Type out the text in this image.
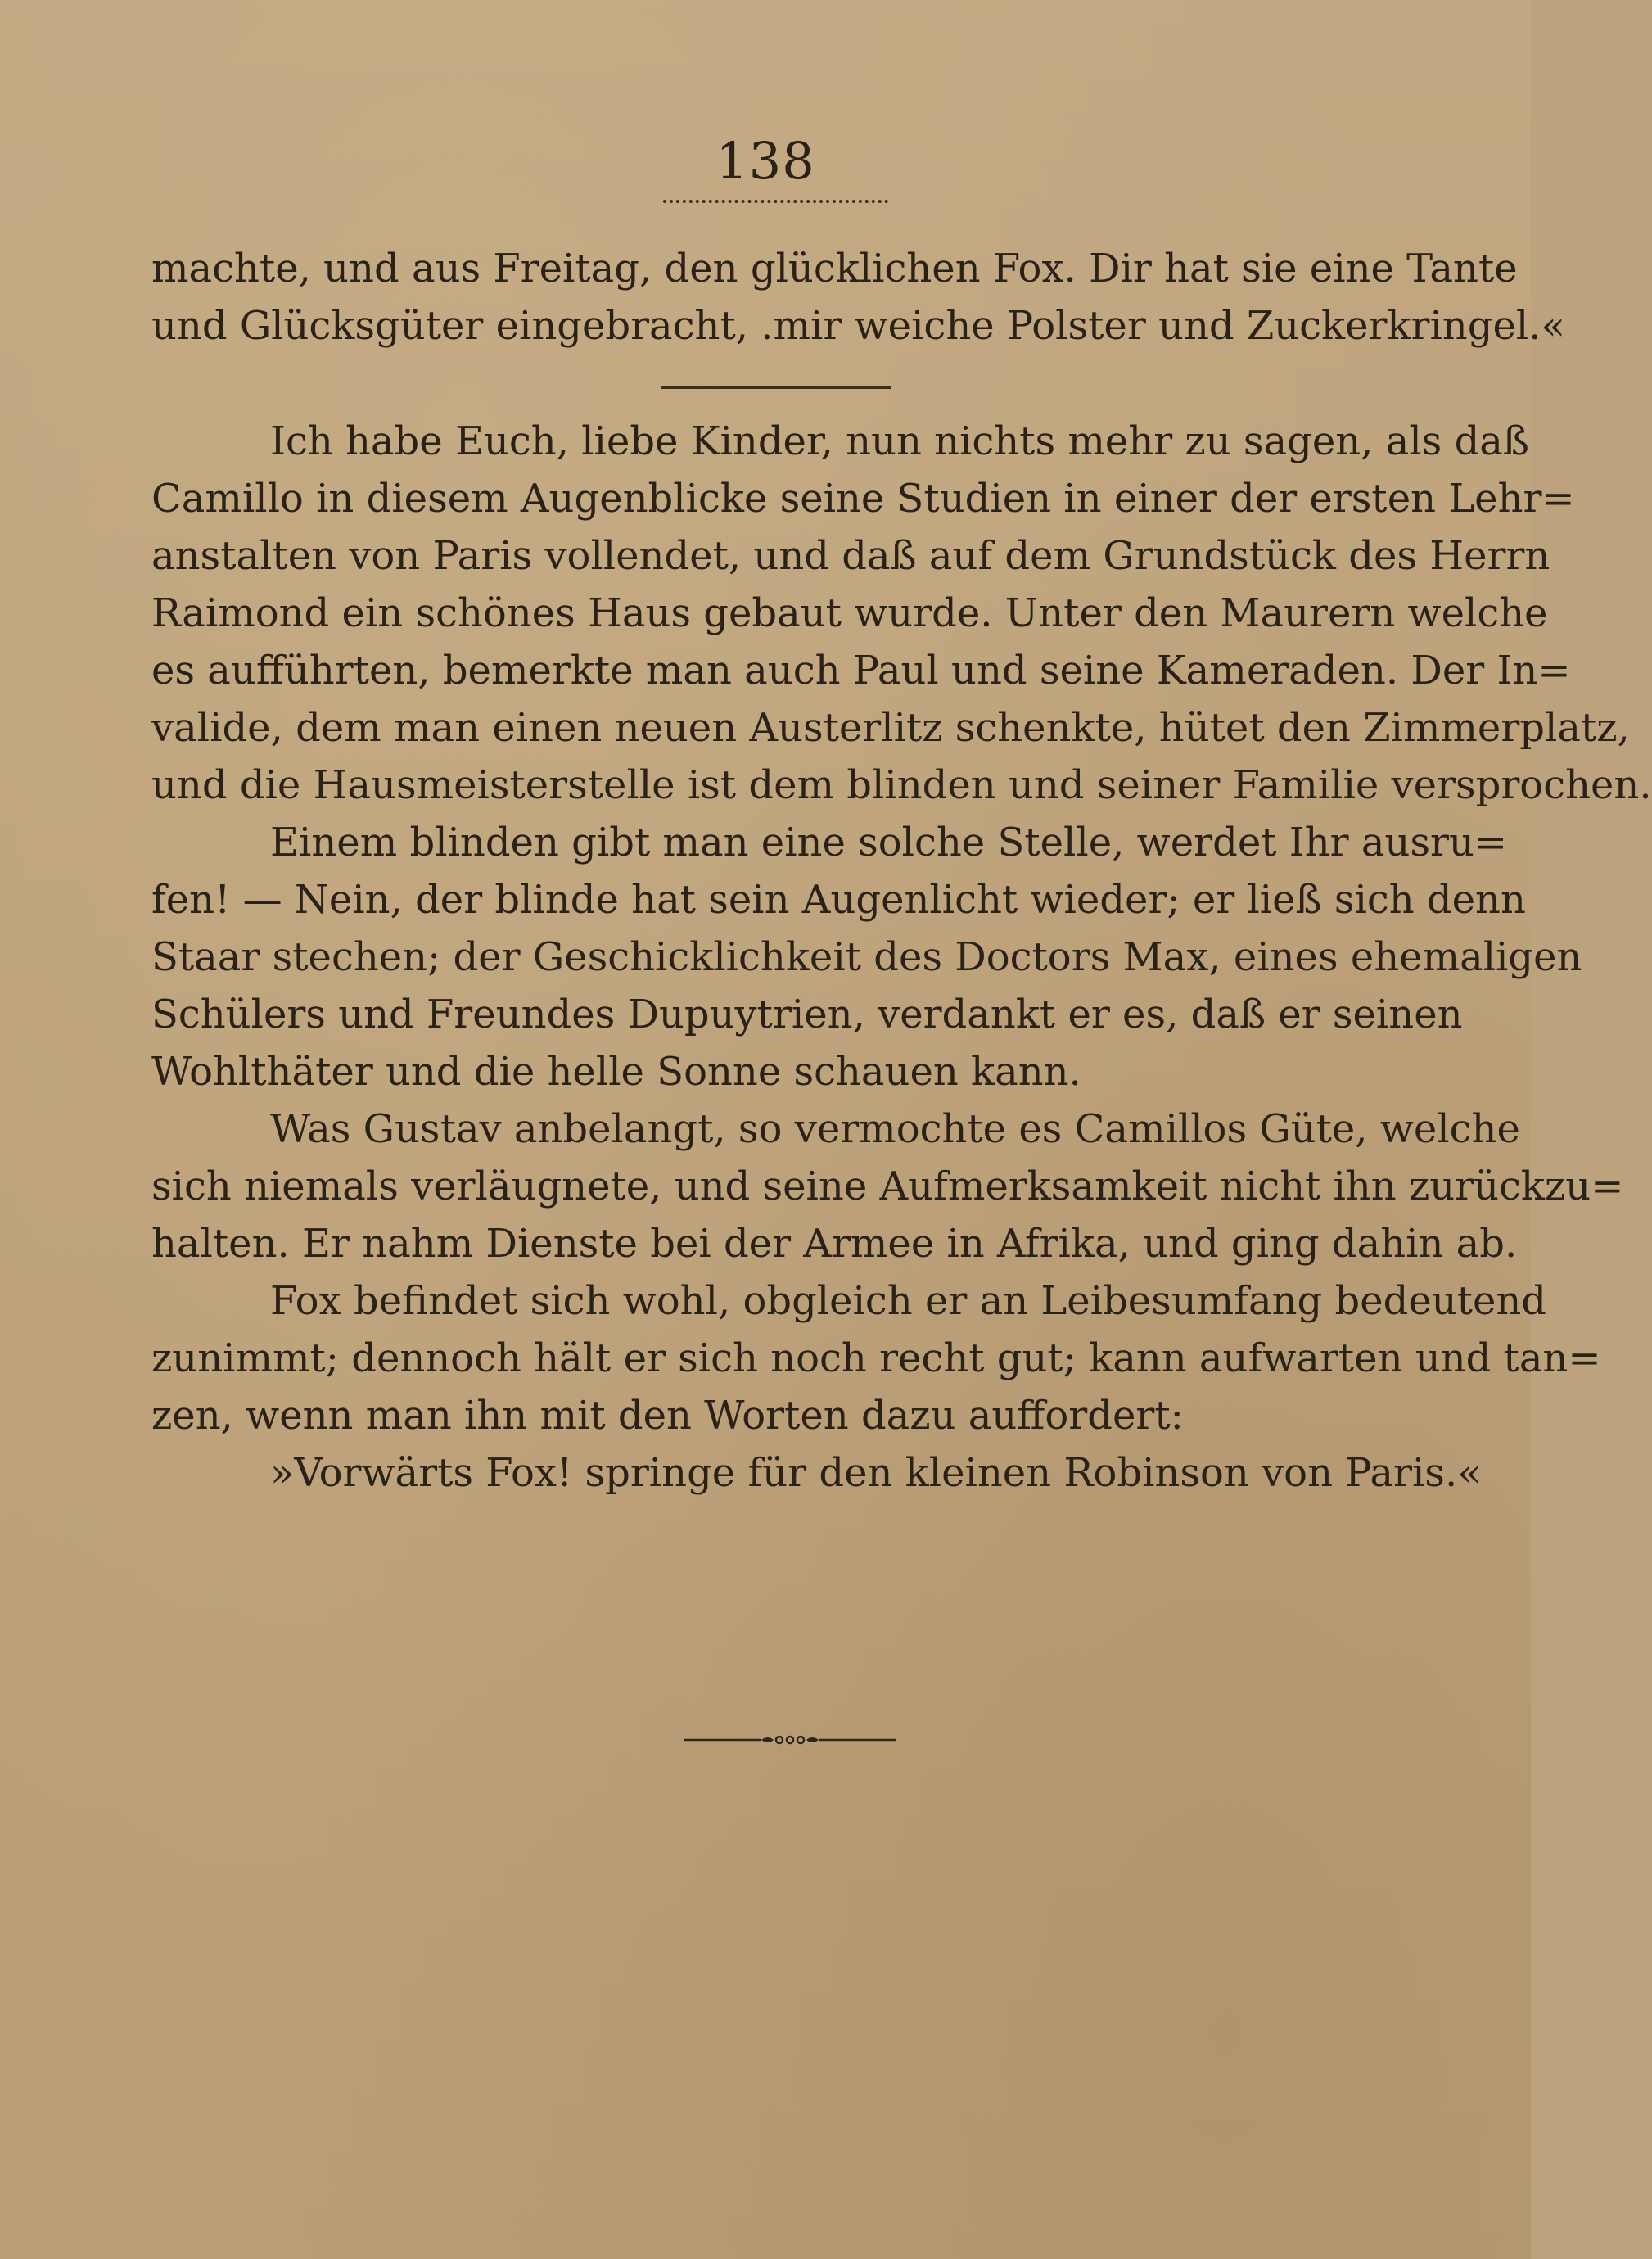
138
machte, und aus Freitag, den glücklichen Fox. Dir hat sie eine Tante
und Glücksgüter eingebracht, .mir weiche Polster und Zuckerkringel.«
Ich habe Euch, liebe Kinder, nun nichts mehr zu sagen, als daß
Camillo in diesem Augenblicke seine Studien in einer der ersten Lehr=
anstalten von Paris vollendet, und daß auf dem Grundstück des Herrn
Raimond ein schönes Haus gebaut wurde. Unter den Maurern welche
es aufführten, bemerkte man auch Paul und seine Kameraden. Der In=
valide, dem man einen neuen Austerlitz schenkte, hütet den Zimmerplatz,
und die Hausmeisterstelle ist dem blinden und seiner Familie versprochen.
Einem blinden gibt man eine solche Stelle, werdet Ihr ausru=
fen! — Nein, der blinde hat sein Augenlicht wieder; er ließ sich denn
Staar stechen; der Geschicklichkeit des Doctors Max, eines ehemaligen
Schülers und Freundes Dupuytrien, verdankt er es, daß er seinen
Wohlthäter und die helle Sonne schauen kann.
Was Gustav anbelangt, so vermochte es Camillos Güte, welche
sich niemals verläugnete, und seine Aufmerksamkeit nicht ihn zurückzu=
halten. Er nahm Dienste bei der Armee in Afrika, und ging dahin ab.
Fox befindet sich wohl, obgleich er an Leibesumfang bedeutend
zunimmt; dennoch hält er sich noch recht gut; kann aufwarten und tan=
zen, wenn man ihn mit den Worten dazu auffordert:
»Vorwärts Fox! springe für den kleinen Robinson von Paris.«
